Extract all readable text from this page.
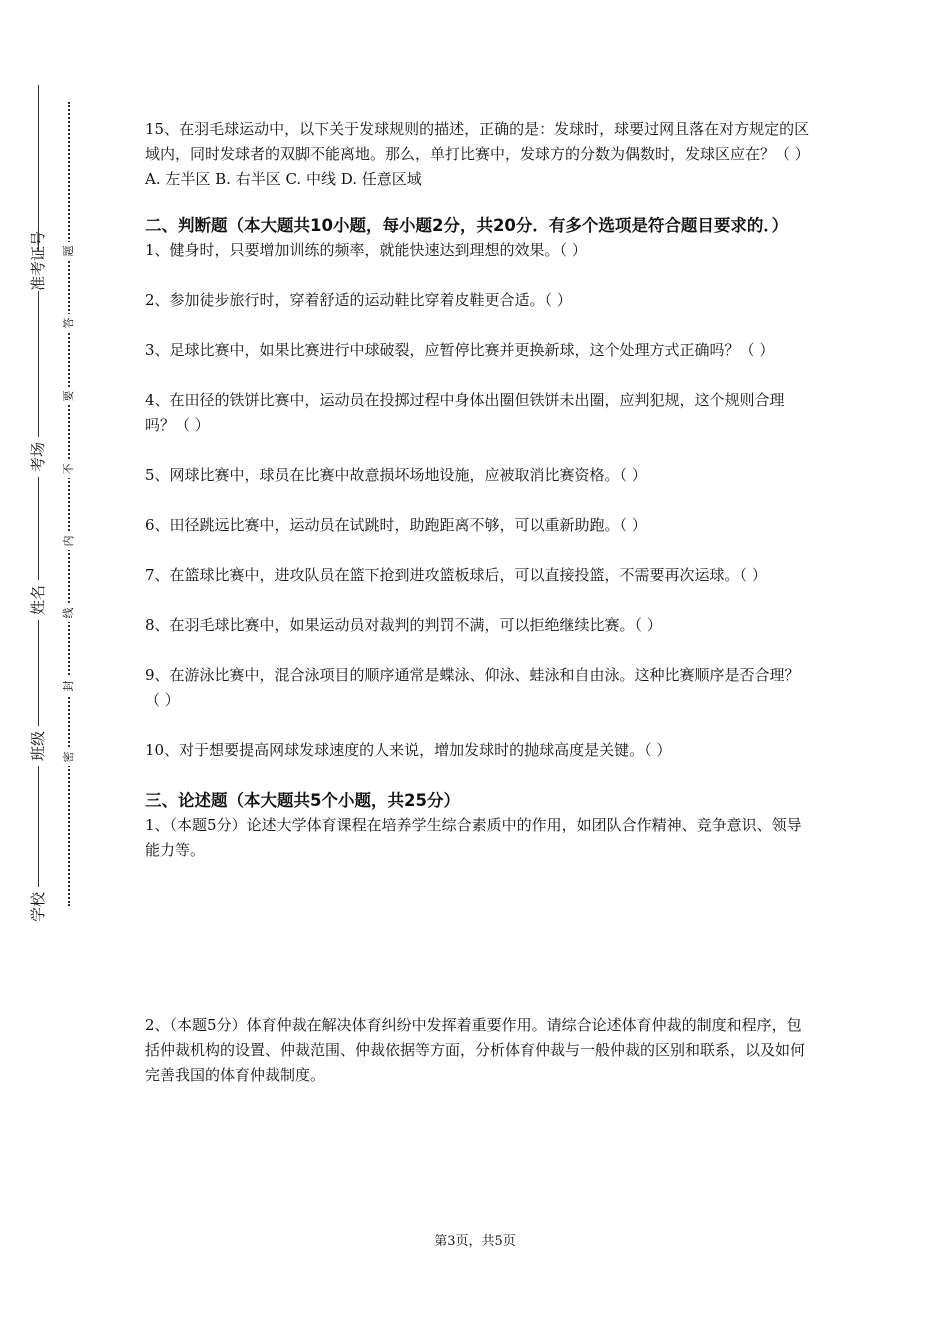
准考证号
考场
姓名
班级
学校
题
答
要
不
内
线
封
密

15、在羽毛球运动中，以下关于发球规则的描述，正确的是：发球时，球要过网且落在对方规定的区域内，同时发球者的双脚不能离地。那么，单打比赛中，发球方的分数为偶数时，发球区应在？（ ）

A. 左半区 B. 右半区 C. 中线 D. 任意区域

二、判断题（本大题共10小题，每小题2分，共20分．有多个选项是符合题目要求的．）

1、健身时，只要增加训练的频率，就能快速达到理想的效果。（ ）

2、参加徒步旅行时，穿着舒适的运动鞋比穿着皮鞋更合适。（ ）

3、足球比赛中，如果比赛进行中球破裂，应暂停比赛并更换新球，这个处理方式正确吗？（ ）

4、在田径的铁饼比赛中，运动员在投掷过程中身体出圈但铁饼未出圈，应判犯规，这个规则合理吗？（ ）

5、网球比赛中，球员在比赛中故意损坏场地设施，应被取消比赛资格。（ ）

6、田径跳远比赛中，运动员在试跳时，助跑距离不够，可以重新助跑。（ ）

7、在篮球比赛中，进攻队员在篮下抢到进攻篮板球后，可以直接投篮，不需要再次运球。（ ）

8、在羽毛球比赛中，如果运动员对裁判的判罚不满，可以拒绝继续比赛。（ ）

9、在游泳比赛中，混合泳项目的顺序通常是蝶泳、仰泳、蛙泳和自由泳。这种比赛顺序是否合理？（ ）

10、对于想要提高网球发球速度的人来说，增加发球时的抛球高度是关键。（ ）

三、论述题（本大题共5个小题，共25分）

1、（本题5分）论述大学体育课程在培养学生综合素质中的作用，如团队合作精神、竞争意识、领导能力等。

2、（本题5分）体育仲裁在解决体育纠纷中发挥着重要作用。请综合论述体育仲裁的制度和程序，包括仲裁机构的设置、仲裁范围、仲裁依据等方面，分析体育仲裁与一般仲裁的区别和联系，以及如何完善我国的体育仲裁制度。

第3页，共5页
